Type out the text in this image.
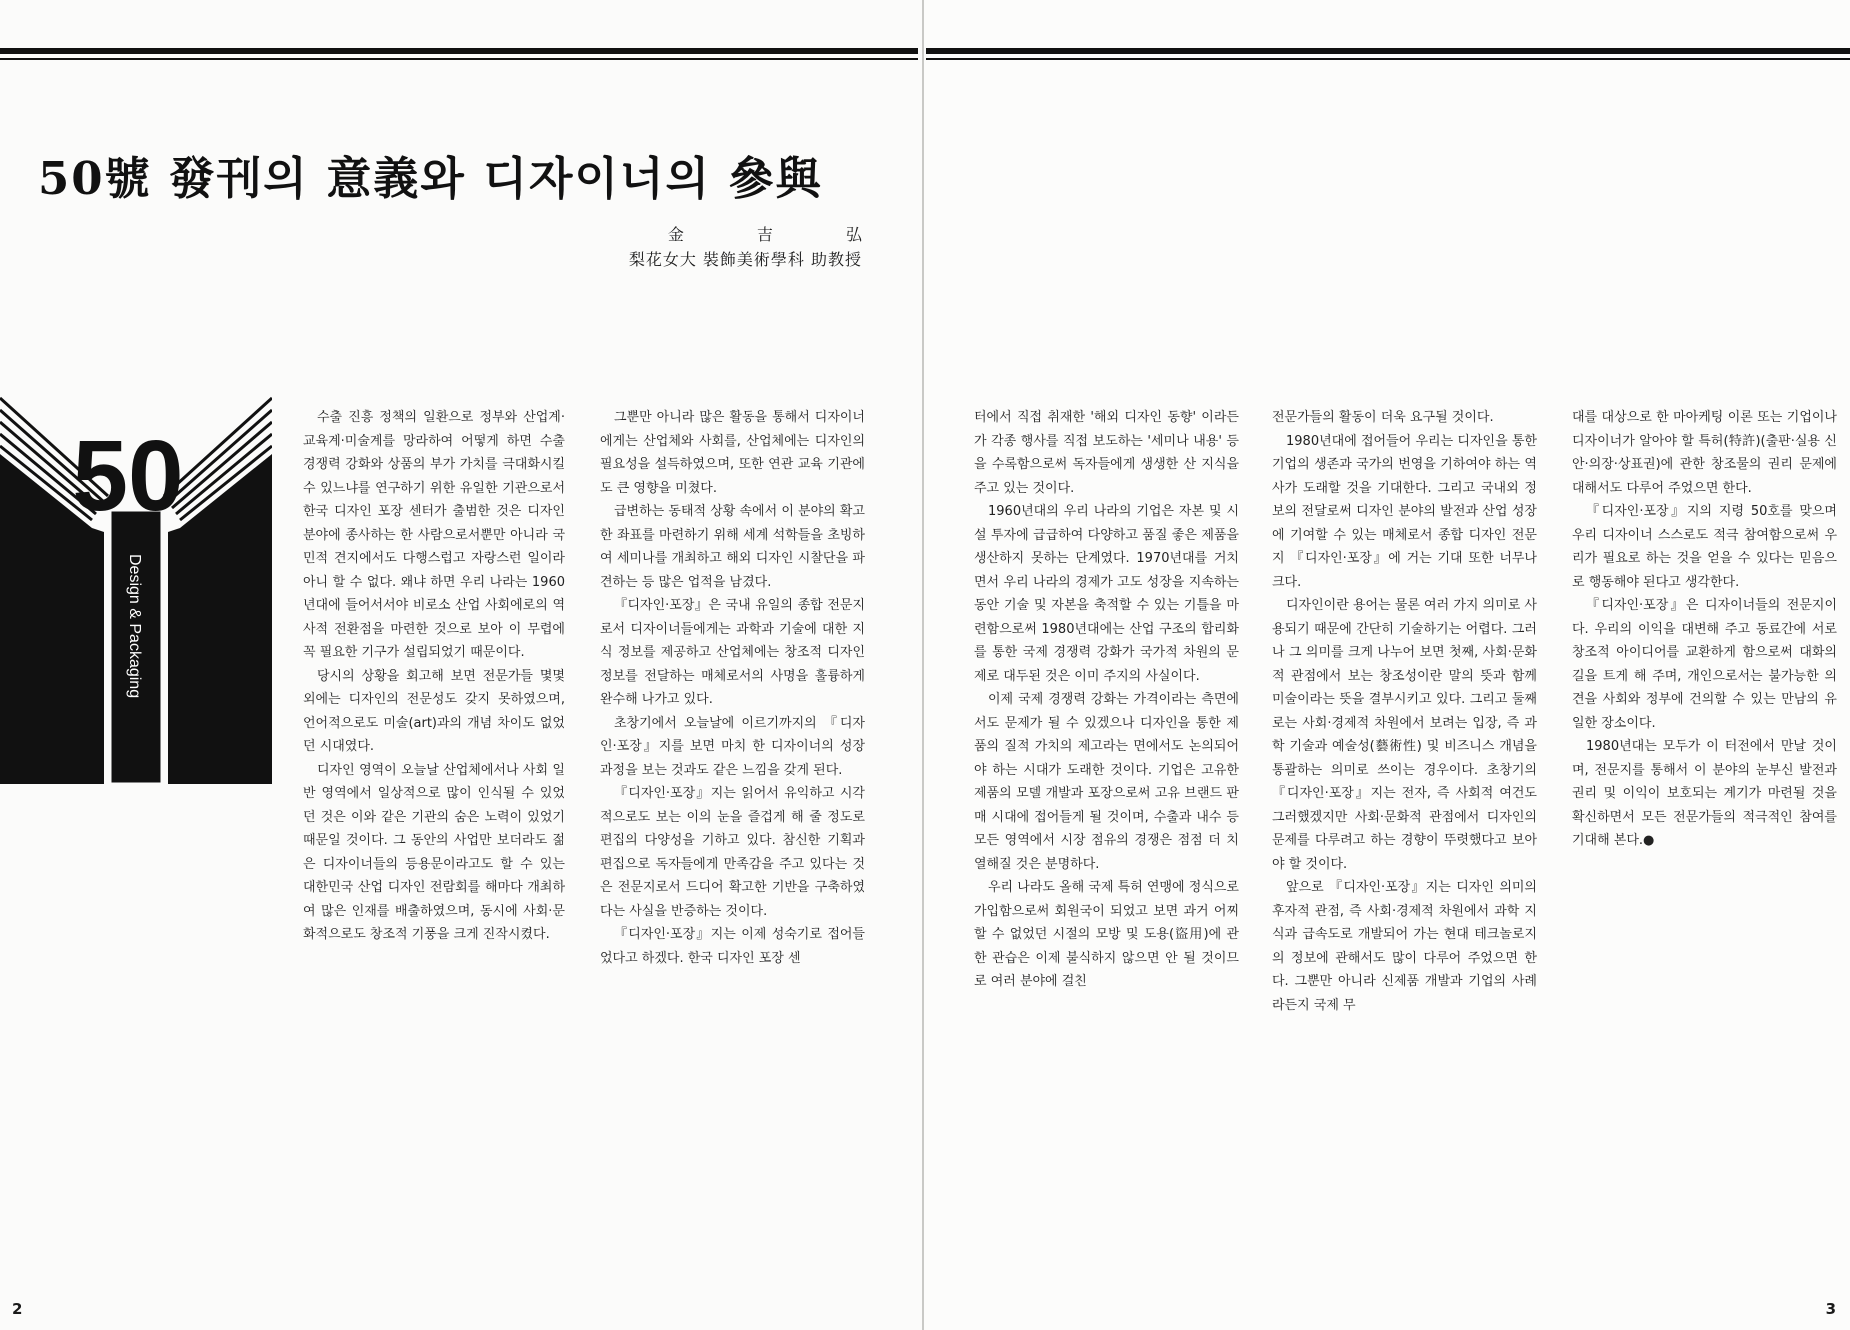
50號 發刊의 意義와 디자이너의 參與
金 吉 弘
梨花女大 裝飾美術學科 助教授
50
Design & Packaging

수출 진흥 정책의 일환으로 정부와 산업계·교육계·미술계를 망라하여 어떻게 하면 수출 경쟁력 강화와 상품의 부가 가치를 극대화시킬 수 있느냐를 연구하기 위한 유일한 기관으로서 한국 디자인 포장 센터가 출범한 것은 디자인 분야에 종사하는 한 사람으로서뿐만 아니라 국민적 견지에서도 다행스럽고 자랑스런 일이라 아니 할 수 없다. 왜냐 하면 우리 나라는 1960년대에 들어서서야 비로소 산업 사회에로의 역사적 전환점을 마련한 것으로 보아 이 무렵에 꼭 필요한 기구가 설립되었기 때문이다.

당시의 상황을 회고해 보면 전문가들 몇몇 외에는 디자인의 전문성도 갖지 못하였으며, 언어적으로도 미술(art)과의 개념 차이도 없었던 시대였다.

디자인 영역이 오늘날 산업체에서나 사회 일반 영역에서 일상적으로 많이 인식될 수 있었던 것은 이와 같은 기관의 숨은 노력이 있었기 때문일 것이다. 그 동안의 사업만 보더라도 젊은 디자이너들의 등용문이라고도 할 수 있는 대한민국 산업 디자인 전람회를 해마다 개최하여 많은 인재를 배출하였으며, 동시에 사회·문화적으로도 창조적 기풍을 크게 진작시켰다.

그뿐만 아니라 많은 활동을 통해서 디자이너에게는 산업체와 사회를, 산업체에는 디자인의 필요성을 설득하였으며, 또한 연관 교육 기관에도 큰 영향을 미쳤다.

급변하는 동태적 상황 속에서 이 분야의 확고한 좌표를 마련하기 위해 세계 석학들을 초빙하여 세미나를 개최하고 해외 디자인 시찰단을 파견하는 등 많은 업적을 남겼다.

『디자인·포장』은 국내 유일의 종합 전문지로서 디자이너들에게는 과학과 기술에 대한 지식 정보를 제공하고 산업체에는 창조적 디자인 정보를 전달하는 매체로서의 사명을 훌륭하게 완수해 나가고 있다.

초창기에서 오늘날에 이르기까지의 『디자인·포장』지를 보면 마치 한 디자이너의 성장 과정을 보는 것과도 같은 느낌을 갖게 된다.

『디자인·포장』지는 읽어서 유익하고 시각적으로도 보는 이의 눈을 즐겁게 해 줄 정도로 편집의 다양성을 기하고 있다. 참신한 기획과 편집으로 독자들에게 만족감을 주고 있다는 것은 전문지로서 드디어 확고한 기반을 구축하였다는 사실을 반증하는 것이다.

『디자인·포장』지는 이제 성숙기로 접어들었다고 하겠다. 한국 디자인 포장 센

터에서 직접 취재한 '해외 디자인 동향' 이라든가 각종 행사를 직접 보도하는 '세미나 내용' 등을 수록함으로써 독자들에게 생생한 산 지식을 주고 있는 것이다.

1960년대의 우리 나라의 기업은 자본 및 시설 투자에 급급하여 다양하고 품질 좋은 제품을 생산하지 못하는 단계였다. 1970년대를 거치면서 우리 나라의 경제가 고도 성장을 지속하는 동안 기술 및 자본을 축적할 수 있는 기틀을 마련함으로써 1980년대에는 산업 구조의 합리화를 통한 국제 경쟁력 강화가 국가적 차원의 문제로 대두된 것은 이미 주지의 사실이다.

이제 국제 경쟁력 강화는 가격이라는 측면에서도 문제가 될 수 있겠으나 디자인을 통한 제품의 질적 가치의 제고라는 면에서도 논의되어야 하는 시대가 도래한 것이다. 기업은 고유한 제품의 모델 개발과 포장으로써 고유 브랜드 판매 시대에 접어들게 될 것이며, 수출과 내수 등 모든 영역에서 시장 점유의 경쟁은 점점 더 치열해질 것은 분명하다.

우리 나라도 올해 국제 특허 연맹에 정식으로 가입함으로써 회원국이 되었고 보면 과거 어찌 할 수 없었던 시절의 모방 및 도용(盜用)에 관한 관습은 이제 불식하지 않으면 안 될 것이므로 여러 분야에 걸친

전문가들의 활동이 더욱 요구될 것이다.

1980년대에 접어들어 우리는 디자인을 통한 기업의 생존과 국가의 번영을 기하여야 하는 역사가 도래할 것을 기대한다. 그리고 국내외 정보의 전달로써 디자인 분야의 발전과 산업 성장에 기여할 수 있는 매체로서 종합 디자인 전문지 『디자인·포장』에 거는 기대 또한 너무나 크다.

디자인이란 용어는 물론 여러 가지 의미로 사용되기 때문에 간단히 기술하기는 어렵다. 그러나 그 의미를 크게 나누어 보면 첫째, 사회·문화적 관점에서 보는 창조성이란 말의 뜻과 함께 미술이라는 뜻을 결부시키고 있다. 그리고 둘째로는 사회·경제적 차원에서 보려는 입장, 즉 과학 기술과 예술성(藝術性) 및 비즈니스 개념을 통괄하는 의미로 쓰이는 경우이다. 초창기의 『디자인·포장』지는 전자, 즉 사회적 여건도 그러했겠지만 사회·문화적 관점에서 디자인의 문제를 다루려고 하는 경향이 뚜렷했다고 보아야 할 것이다.

앞으로 『디자인·포장』지는 디자인 의미의 후자적 관점, 즉 사회·경제적 차원에서 과학 지식과 급속도로 개발되어 가는 현대 테크놀로지의 정보에 관해서도 많이 다루어 주었으면 한다. 그뿐만 아니라 신제품 개발과 기업의 사례라든지 국제 무

대를 대상으로 한 마아케팅 이론 또는 기업이나 디자이너가 알아야 할 특허(特許)(출판·실용 신안·의장·상표권)에 관한 창조물의 권리 문제에 대해서도 다루어 주었으면 한다.

『디자인·포장』지의 지령 50호를 맞으며 우리 디자이너 스스로도 적극 참여함으로써 우리가 필요로 하는 것을 얻을 수 있다는 믿음으로 행동해야 된다고 생각한다.

『디자인·포장』은 디자이너들의 전문지이다. 우리의 이익을 대변해 주고 동료간에 서로 창조적 아이디어를 교환하게 함으로써 대화의 길을 트게 해 주며, 개인으로서는 불가능한 의견을 사회와 정부에 건의할 수 있는 만남의 유일한 장소이다.

1980년대는 모두가 이 터전에서 만날 것이며, 전문지를 통해서 이 분야의 눈부신 발전과 권리 및 이익이 보호되는 계기가 마련될 것을 확신하면서 모든 전문가들의 적극적인 참여를 기대해 본다.●

2	3
